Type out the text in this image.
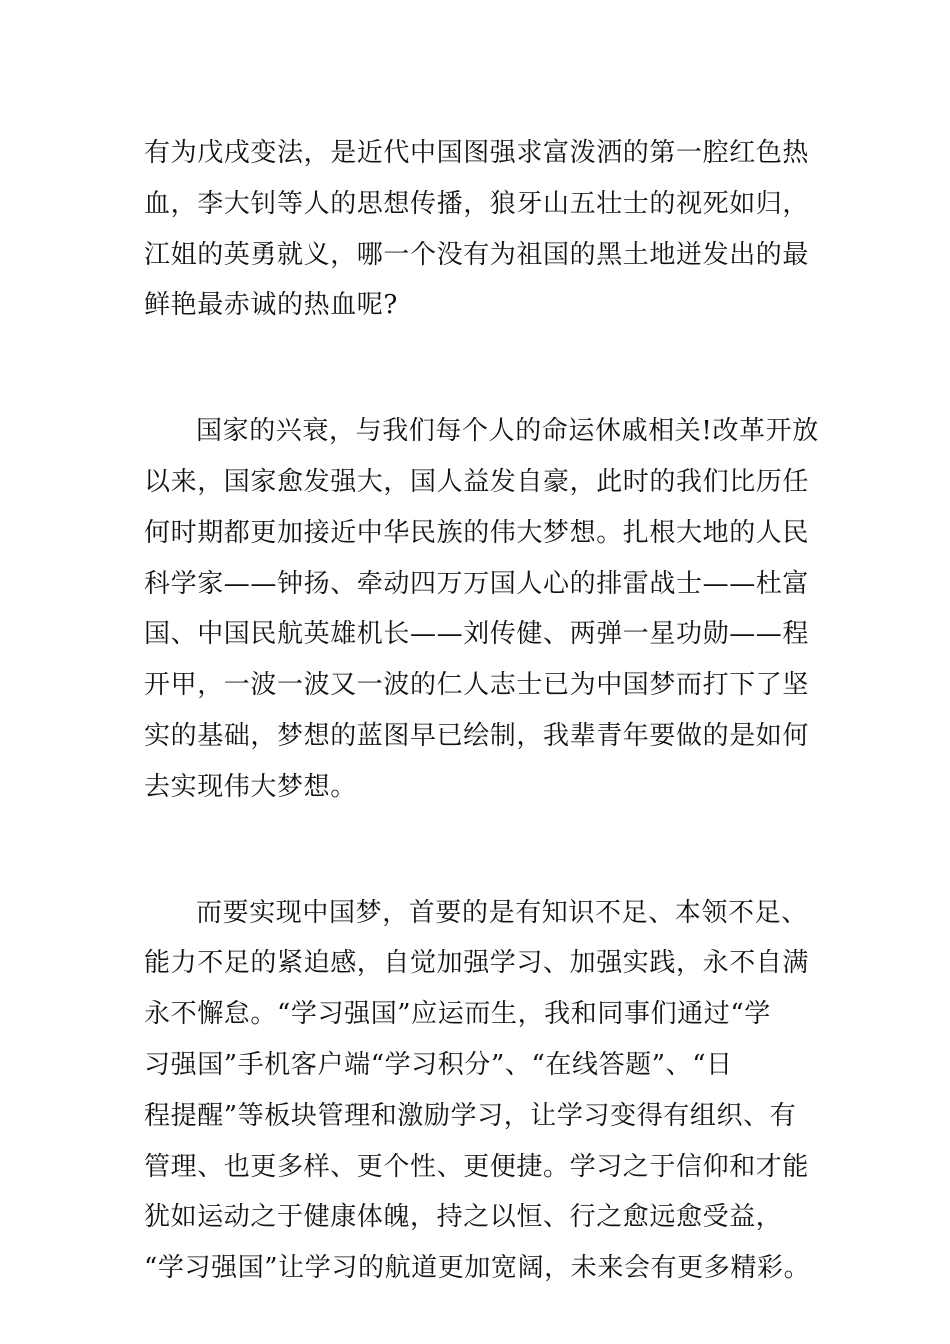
有为戊戌变法，是近代中国图强求富泼洒的第一腔红色热
血，李大钊等人的思想传播，狼牙山五壮士的视死如归，
江姐的英勇就义，哪一个没有为祖国的黑土地迸发出的最
鲜艳最赤诚的热血呢?
国家的兴衰，与我们每个人的命运休戚相关!改革开放
以来，国家愈发强大，国人益发自豪，此时的我们比历任
何时期都更加接近中华民族的伟大梦想。扎根大地的人民
科学家——钟扬、牵动四万万国人心的排雷战士——杜富
国、中国民航英雄机长——刘传健、两弹一星功勋——程
开甲，一波一波又一波的仁人志士已为中国梦而打下了坚
实的基础，梦想的蓝图早已绘制，我辈青年要做的是如何
去实现伟大梦想。
而要实现中国梦，首要的是有知识不足、本领不足、
能力不足的紧迫感，自觉加强学习、加强实践，永不自满
永不懈怠。“学习强国”应运而生，我和同事们通过“学
习强国”手机客户端“学习积分”、“在线答题”、“日
程提醒”等板块管理和激励学习，让学习变得有组织、有
管理、也更多样、更个性、更便捷。学习之于信仰和才能
犹如运动之于健康体魄，持之以恒、行之愈远愈受益，
“学习强国”让学习的航道更加宽阔，未来会有更多精彩。
